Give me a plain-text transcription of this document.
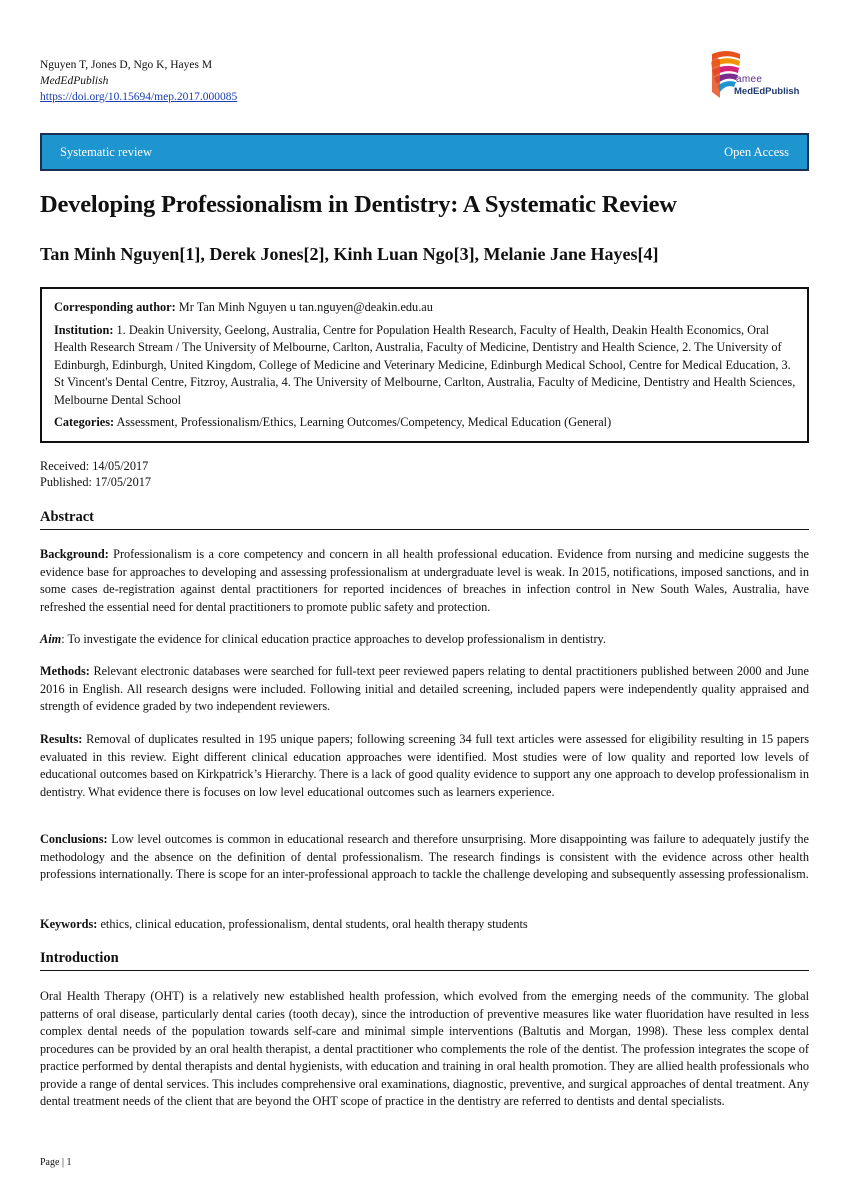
Nguyen T, Jones D, Ngo K, Hayes M
MedEdPublish
https://doi.org/10.15694/mep.2017.000085
amee
MedEdPublish
Systematic review	Open Access
Developing Professionalism in Dentistry: A Systematic Review
Tan Minh Nguyen[1], Derek Jones[2], Kinh Luan Ngo[3], Melanie Jane Hayes[4]

Corresponding author: Mr Tan Minh Nguyen u tan.nguyen@deakin.edu.au

Institution: 1. Deakin University, Geelong, Australia, Centre for Population Health Research, Faculty of Health, Deakin Health Economics, Oral Health Research Stream / The University of Melbourne, Carlton, Australia, Faculty of Medicine, Dentistry and Health Science, 2. The University of Edinburgh, Edinburgh, United Kingdom, College of Medicine and Veterinary Medicine, Edinburgh Medical School, Centre for Medical Education, 3. St Vincent's Dental Centre, Fitzroy, Australia, 4. The University of Melbourne, Carlton, Australia, Faculty of Medicine, Dentistry and Health Sciences, Melbourne Dental School

Categories: Assessment, Professionalism/Ethics, Learning Outcomes/Competency, Medical Education (General)

Received: 14/05/2017
Published: 17/05/2017
Abstract

Background: Professionalism is a core competency and concern in all health professional education. Evidence from nursing and medicine suggests the evidence base for approaches to developing and assessing professionalism at undergraduate level is weak. In 2015, notifications, imposed sanctions, and in some cases de-registration against dental practitioners for reported incidences of breaches in infection control in New South Wales, Australia, have refreshed the essential need for dental practitioners to promote public safety and protection.

Aim: To investigate the evidence for clinical education practice approaches to develop professionalism in dentistry.

Methods: Relevant electronic databases were searched for full-text peer reviewed papers relating to dental practitioners published between 2000 and June 2016 in English. All research designs were included. Following initial and detailed screening, included papers were independently quality appraised and strength of evidence graded by two independent reviewers.

Results: Removal of duplicates resulted in 195 unique papers; following screening 34 full text articles were assessed for eligibility resulting in 15 papers evaluated in this review. Eight different clinical education approaches were identified. Most studies were of low quality and reported low levels of educational outcomes based on Kirkpatrick’s Hierarchy. There is a lack of good quality evidence to support any one approach to develop professionalism in dentistry. What evidence there is focuses on low level educational outcomes such as learners experience.

Conclusions: Low level outcomes is common in educational research and therefore unsurprising. More disappointing was failure to adequately justify the methodology and the absence on the definition of dental professionalism. The research findings is consistent with the evidence across other health professions internationally. There is scope for an inter-professional approach to tackle the challenge developing and subsequently assessing professionalism.

Keywords: ethics, clinical education, professionalism, dental students, oral health therapy students

Introduction

Oral Health Therapy (OHT) is a relatively new established health profession, which evolved from the emerging needs of the community. The global patterns of oral disease, particularly dental caries (tooth decay), since the introduction of preventive measures like water fluoridation have resulted in less complex dental needs of the population towards self-care and minimal simple interventions (Baltutis and Morgan, 1998). These less complex dental procedures can be provided by an oral health therapist, a dental practitioner who complements the role of the dentist. The profession integrates the scope of practice performed by dental therapists and dental hygienists, with education and training in oral health promotion. They are allied health professionals who provide a range of dental services. This includes comprehensive oral examinations, diagnostic, preventive, and surgical approaches of dental treatment. Any dental treatment needs of the client that are beyond the OHT scope of practice in the dentistry are referred to dentists and dental specialists.

Page | 1
